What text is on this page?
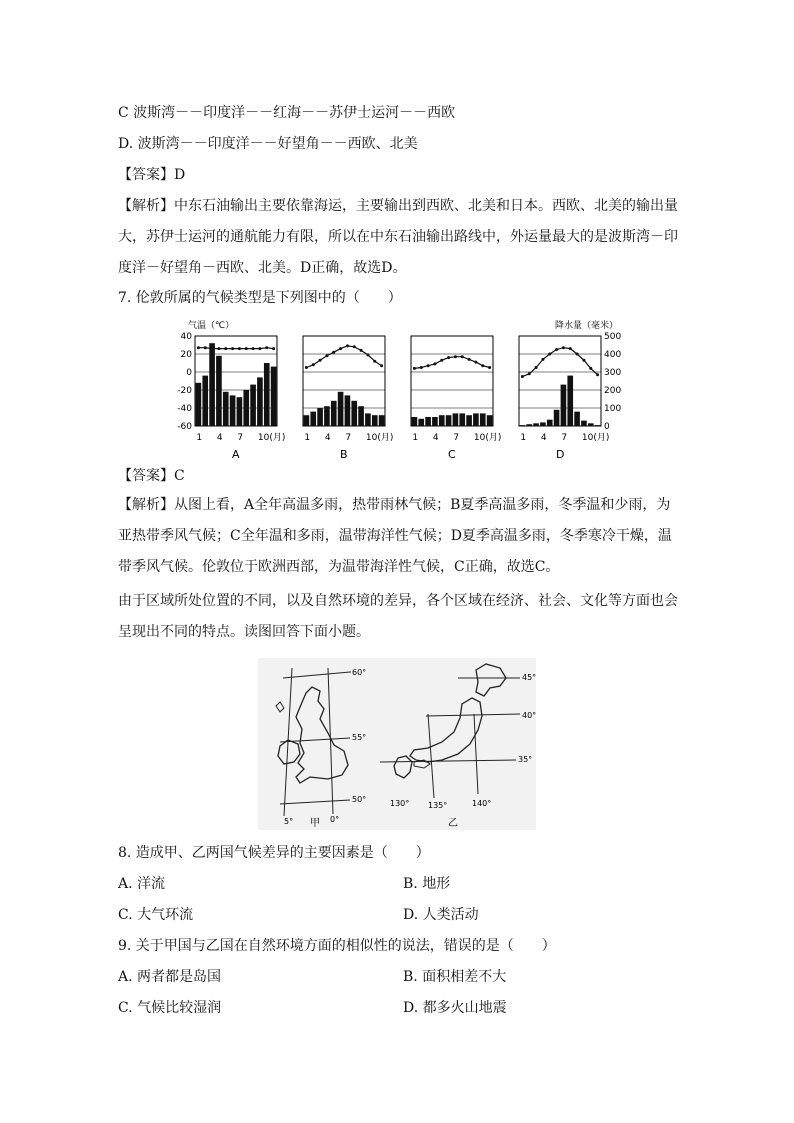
C 波斯湾－－印度洋－－红海－－苏伊士运河－－西欧
D. 波斯湾－－印度洋－－好望角－－西欧、北美
【答案】D
【解析】中东石油输出主要依靠海运，主要输出到西欧、北美和日本。西欧、北美的输出量大，苏伊士运河的通航能力有限，所以在中东石油输出路线中，外运量最大的是波斯湾－印度洋－好望角－西欧、北美。D正确，故选D。
7. 伦敦所属的气候类型是下列图中的（　　）
气温（℃）	降水量（毫米）
40
20
0
-20
-40
-60
500
400
300
200
100
0
1 4 7 10(月)
A
1 4 7 10(月)
B
1 4 7 10(月)
C
1 4 7 10(月)
D
【答案】C
【解析】从图上看，A全年高温多雨，热带雨林气候；B夏季高温多雨，冬季温和少雨，为亚热带季风气候；C全年温和多雨，温带海洋性气候；D夏季高温多雨，冬季寒冷干燥，温带季风气候。伦敦位于欧洲西部，为温带海洋性气候，C正确，故选C。
由于区域所处位置的不同，以及自然环境的差异，各个区域在经济、社会、文化等方面也会呈现出不同的特点。读图回答下面小题。
60°
55°
50°
5°	0°
甲
45°
40°
35°
135°	140°
130°
乙
8. 造成甲、乙两国气候差异的主要因素是（　　）
A. 洋流	B. 地形
C. 大气环流	D. 人类活动
9. 关于甲国与乙国在自然环境方面的相似性的说法，错误的是（　　）
A. 两者都是岛国	B. 面积相差不大
C. 气候比较湿润	D. 都多火山地震
